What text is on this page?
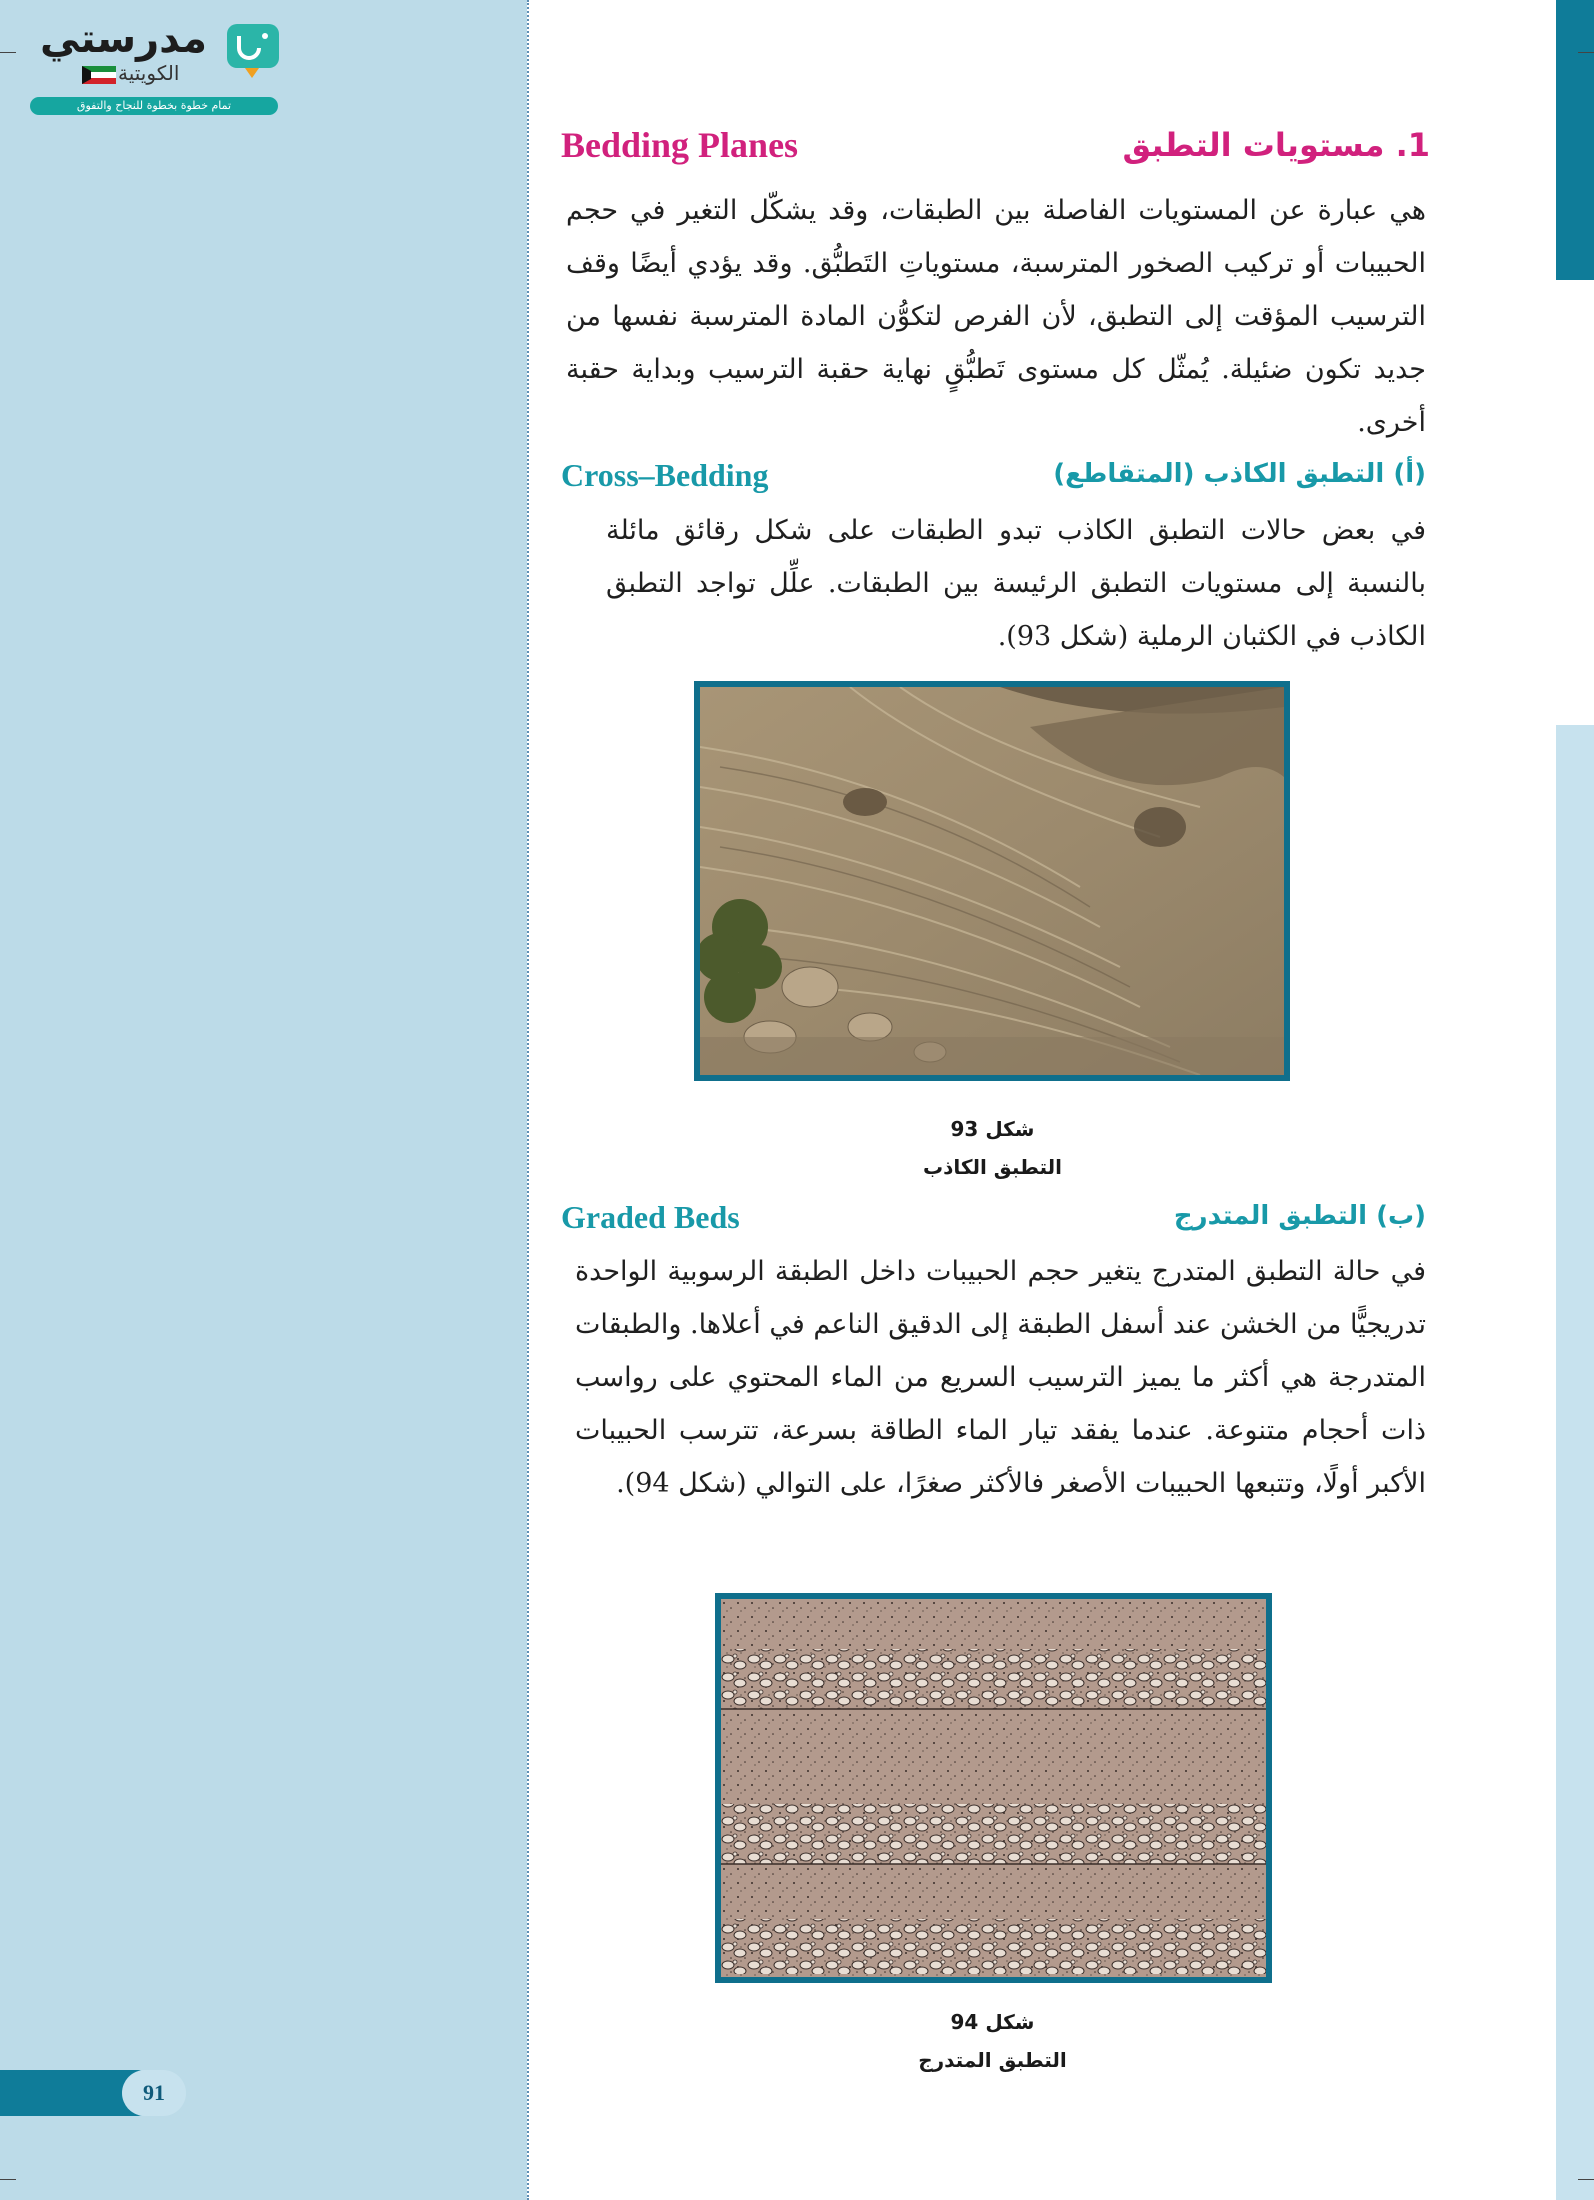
مدرستي
الكويتية
تمام خطوة بخطوة للنجاح والتفوق
1. مستويات التطبق
Bedding Planes
هي عبارة عن المستويات الفاصلة بين الطبقات، وقد يشكّل التغير في حجم الحبيبات أو تركيب الصخور المترسبة، مستوياتِ التَطبُّق. وقد يؤدي أيضًا وقف الترسيب المؤقت إلى التطبق، لأن الفرص لتكوُّن المادة المترسبة نفسها من جديد تكون ضئيلة. يُمثّل كل مستوى تَطبُّقٍ نهاية حقبة الترسيب وبداية حقبة أخرى.
(أ) التطبق الكاذب (المتقاطع)
Cross–Bedding
في بعض حالات التطبق الكاذب تبدو الطبقات على شكل رقائق مائلة بالنسبة إلى مستويات التطبق الرئيسة بين الطبقات. علِّل تواجد التطبق الكاذب في الكثبان الرملية (شكل 93).
شكل 93
التطبق الكاذب
(ب) التطبق المتدرج
Graded Beds
في حالة التطبق المتدرج يتغير حجم الحبيبات داخل الطبقة الرسوبية الواحدة تدريجيًّا من الخشن عند أسفل الطبقة إلى الدقيق الناعم في أعلاها. والطبقات المتدرجة هي أكثر ما يميز الترسيب السريع من الماء المحتوي على رواسب ذات أحجام متنوعة. عندما يفقد تيار الماء الطاقة بسرعة، تترسب الحبيبات الأكبر أولًا، وتتبعها الحبيبات الأصغر فالأكثر صغرًا، على التوالي (شكل 94).
شكل 94
التطبق المتدرج
91
